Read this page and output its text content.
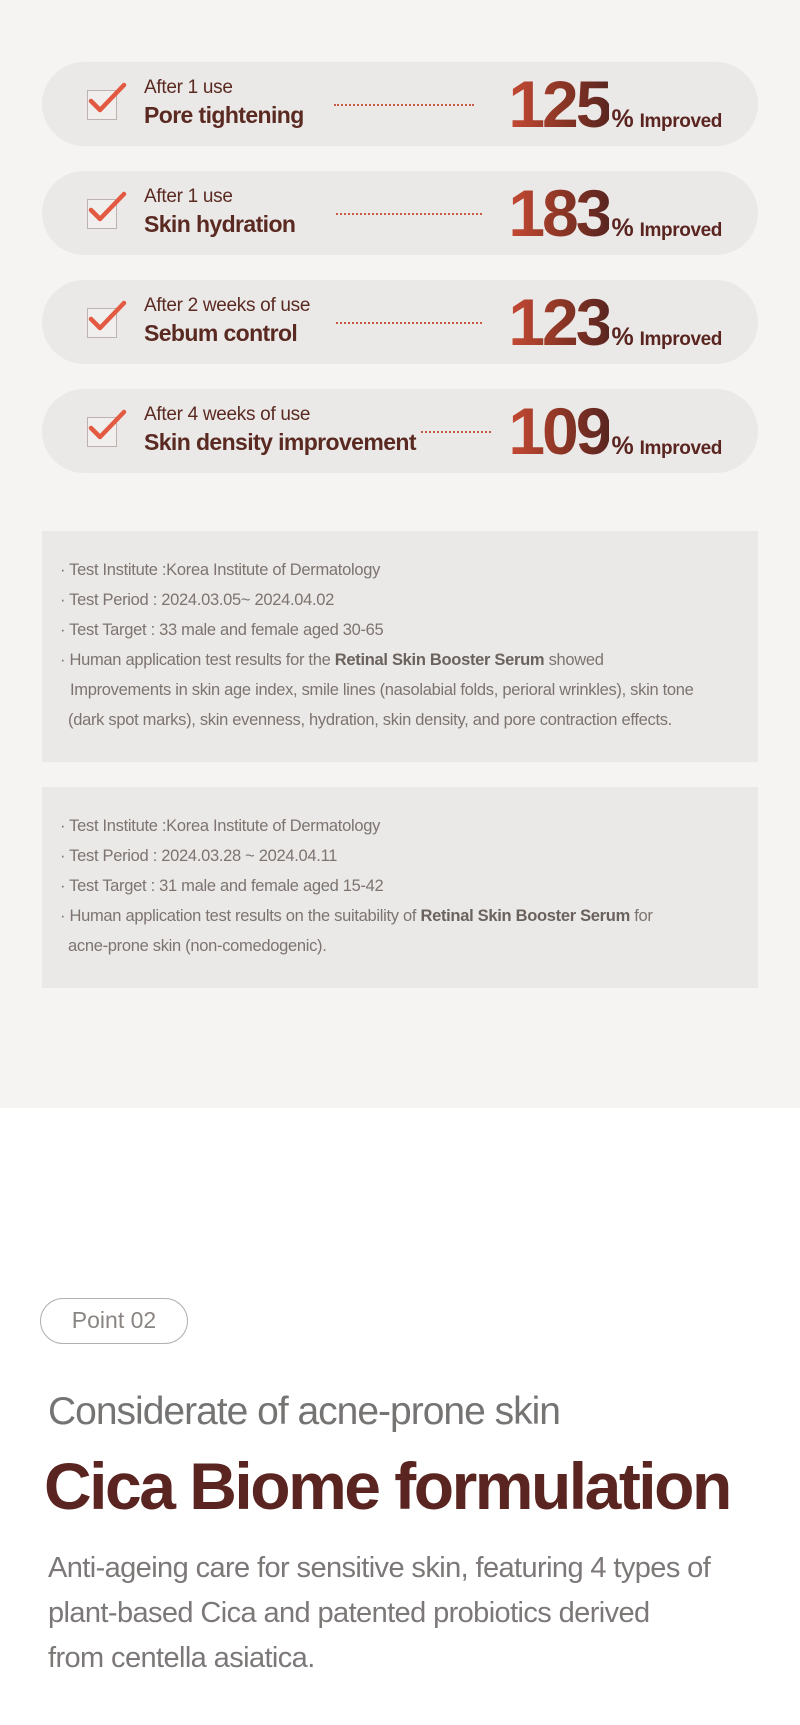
After 1 use
Pore tightening	125 % Improved
After 1 use
Skin hydration	183 % Improved
After 2 weeks of use
Sebum control	123 % Improved
After 4 weeks of use
Skin density improvement 109 % Improved
· Test Institute :Korea Institute of Dermatology
· Test Period : 2024.03.05~ 2024.04.02
· Test Target : 33 male and female aged 30-65
· Human application test results for the Retinal Skin Booster Serum showed
Improvements in skin age index, smile lines (nasolabial folds, perioral wrinkles), skin tone
(dark spot marks), skin evenness, hydration, skin density, and pore contraction effects.
· Test Institute :Korea Institute of Dermatology
· Test Period : 2024.03.28 ~ 2024.04.11
· Test Target : 31 male and female aged 15-42
· Human application test results on the suitability of Retinal Skin Booster Serum for
acne-prone skin (non-comedogenic).
Point 02
Considerate of acne-prone skin
Cica Biome formulation
Anti-ageing care for sensitive skin, featuring 4 types of
plant-based Cica and patented probiotics derived
from centella asiatica.
